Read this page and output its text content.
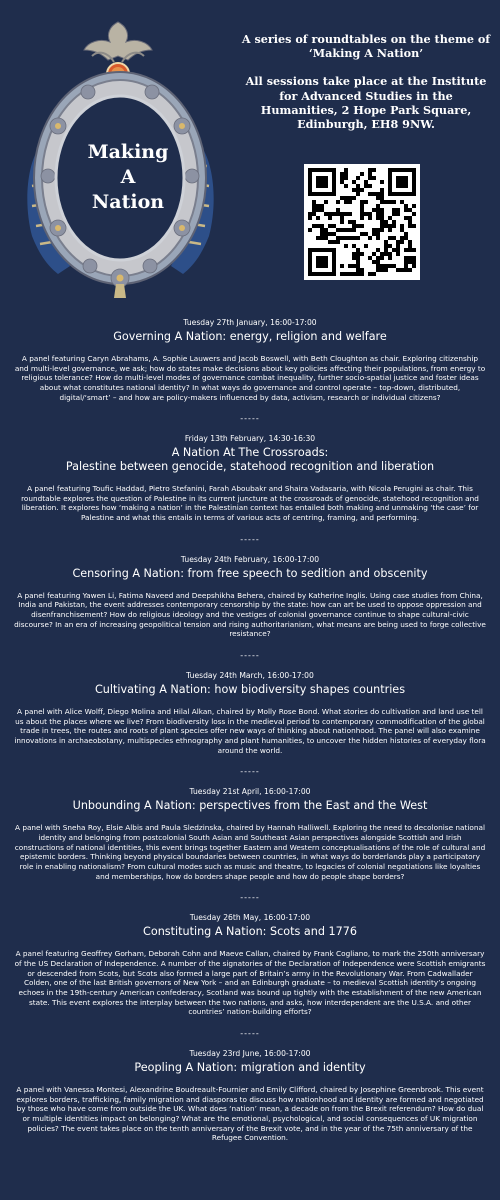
Making
A
Nation

A series of roundtables on the theme of
‘Making A Nation’

All sessions take place at the Institute
for Advanced Studies in the
Humanities, 2 Hope Park Square,
Edinburgh, EH8 9NW.

Tuesday 27th January, 16:00-17:00

Governing A Nation: energy, religion and welfare

A panel featuring Caryn Abrahams, A. Sophie Lauwers and Jacob Boswell, with Beth Cloughton as chair. Exploring citizenship and multi-level governance, we ask; how do states make decisions about key policies affecting their populations, from energy to religious tolerance? How do multi-level modes of governance combat inequality, further socio-spatial justice and foster ideas about what constitutes national identity? In what ways do governance and control operate – top-down, distributed, digital/‘smart’ – and how are policy-makers influenced by data, activism, research or individual citizens?

-----

Friday 13th February, 14:30-16:30

A Nation At The Crossroads:

Palestine between genocide, statehood recognition and liberation

A panel featuring Toufic Haddad, Pietro Stefanini, Farah Aboubakr and Shaira Vadasaria, with Nicola Perugini as chair. This roundtable explores the question of Palestine in its current juncture at the crossroads of genocide, statehood recognition and liberation. It explores how ‘making a nation’ in the Palestinian context has entailed both making and unmaking ‘the case’ for Palestine and what this entails in terms of various acts of centring, framing, and performing.

-----

Tuesday 24th February, 16:00-17:00

Censoring A Nation: from free speech to sedition and obscenity

A panel featuring Yawen Li, Fatima Naveed and Deepshikha Behera, chaired by Katherine Inglis. Using case studies from China, India and Pakistan, the event addresses contemporary censorship by the state: how can art be used to oppose oppression and disenfranchisement? How do religious ideology and the vestiges of colonial governance continue to shape cultural-civic discourse? In an era of increasing geopolitical tension and rising authoritarianism, what means are being used to forge collective resistance?

-----

Tuesday 24th March, 16:00-17:00

Cultivating A Nation: how biodiversity shapes countries

A panel with Alice Wolff, Diego Molina and Hilal Alkan, chaired by Molly Rose Bond. What stories do cultivation and land use tell us about the places where we live? From biodiversity loss in the medieval period to contemporary commodification of the global trade in trees, the routes and roots of plant species offer new ways of thinking about nationhood. The panel will also examine innovations in archaeobotany, multispecies ethnography and plant humanities, to uncover the hidden histories of everyday flora around the world.

-----

Tuesday 21st April, 16:00-17:00

Unbounding A Nation: perspectives from the East and the West

A panel with Sneha Roy, Elsie Albis and Paula Sledzinska, chaired by Hannah Halliwell. Exploring the need to decolonise national identity and belonging from postcolonial South Asian and Southeast Asian perspectives alongside Scottish and Irish constructions of national identities, this event brings together Eastern and Western conceptualisations of the role of cultural and epistemic borders. Thinking beyond physical boundaries between countries, in what ways do borderlands play a participatory role in enabling nationalism? From cultural modes such as music and theatre, to legacies of colonial negotiations like loyalties and memberships, how do borders shape people and how do people shape borders?

-----

Tuesday 26th May, 16:00-17:00

Constituting A Nation: Scots and 1776

A panel featuring Geoffrey Gorham, Deborah Cohn and Maeve Callan, chaired by Frank Cogliano, to mark the 250th anniversary of the US Declaration of Independence. A number of the signatories of the Declaration of Independence were Scottish emigrants or descended from Scots, but Scots also formed a large part of Britain’s army in the Revolutionary War. From Cadwallader Colden, one of the last British governors of New York – and an Edinburgh graduate – to medieval Scottish identity’s ongoing echoes in the 19th-century American confederacy, Scotland was bound up tightly with the establishment of the new American state. This event explores the interplay between the two nations, and asks, how interdependent are the U.S.A. and other countries’ nation-building efforts?

-----

Tuesday 23rd June, 16:00-17:00

Peopling A Nation: migration and identity

A panel with Vanessa Montesi, Alexandrine Boudreault-Fournier and Emily Clifford, chaired by Josephine Greenbrook. This event explores borders, trafficking, family migration and diasporas to discuss how nationhood and identity are formed and negotiated by those who have come from outside the UK. What does ‘nation’ mean, a decade on from the Brexit referendum? How do dual or multiple identities impact on belonging? What are the emotional, psychological, and social consequences of UK migration policies? The event takes place on the tenth anniversary of the Brexit vote, and in the year of the 75th anniversary of the Refugee Convention.
